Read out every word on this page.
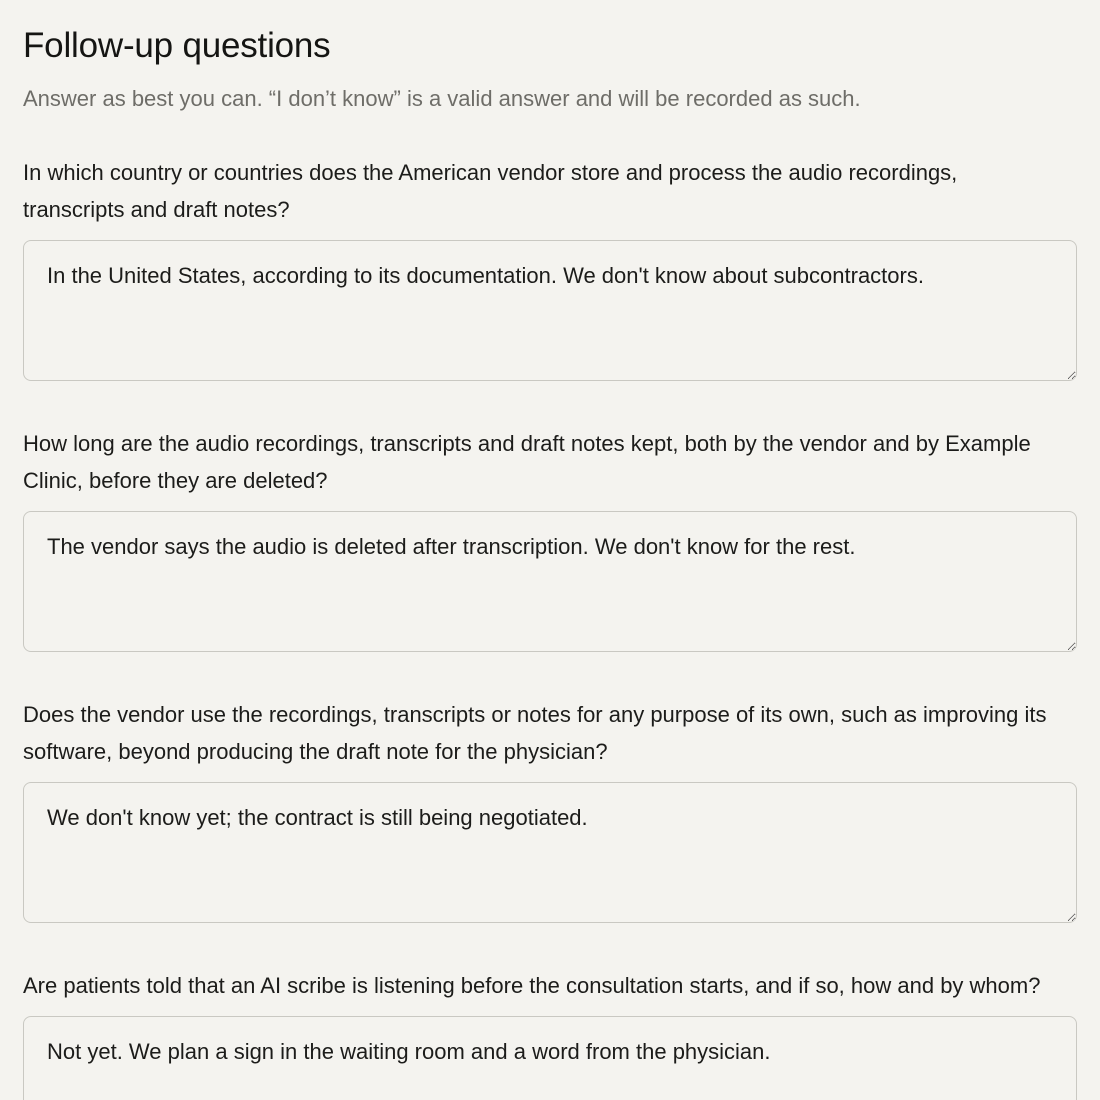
Follow-up questions

Answer as best you can. “I don’t know” is a valid answer and will be recorded as such.

In which country or countries does the American vendor store and process the audio recordings, transcripts and draft notes?
In the United States, according to its documentation. We don't know about subcontractors.
How long are the audio recordings, transcripts and draft notes kept, both by the vendor and by Example Clinic, before they are deleted?
The vendor says the audio is deleted after transcription. We don't know for the rest.
Does the vendor use the recordings, transcripts or notes for any purpose of its own, such as improving its software, beyond producing the draft note for the physician?
We don't know yet; the contract is still being negotiated.
Are patients told that an AI scribe is listening before the consultation starts, and if so, how and by whom?
Not yet. We plan a sign in the waiting room and a word from the physician.
